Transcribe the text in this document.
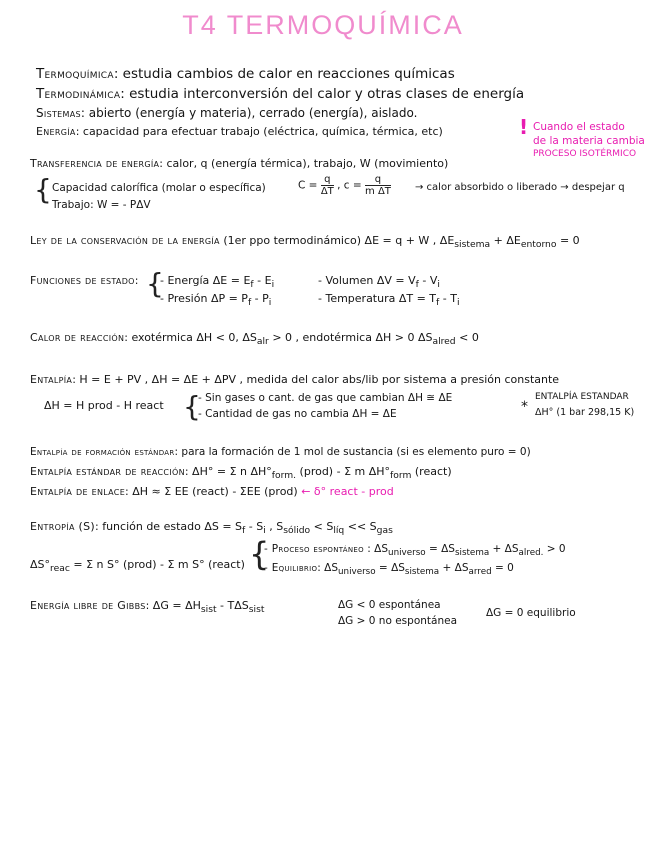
T4 TERMOQUÍMICA
Termoquímica: estudia cambios de calor en reacciones químicas
Termodinámica: estudia interconversión del calor y otras clases de energía
Sistemas: abierto (energía y materia), cerrado (energía), aislado.
Energía: capacidad para efectuar trabajo (eléctrica, química, térmica, etc)	! Cuando el estado
de la materia cambia
PROCESO ISOTÉRMICO
Transferencia de energía: calor, q (energía térmica), trabajo, W (movimiento)
{ Capacidad calorífica (molar o específica)	$C = \frac{q}{\Delta T}$ , $c = \frac{q}{\text{m ΔT}}$ → calor absorbido o liberado → despejar q
Trabajo: W = - PΔV
Ley de la conservación de la energía (1er ppo termodinámico) ΔE = q + W , $\Delta E_{sistema} + \Delta E_{entorno} = 0$
Funciones de estado: {
- Energía $\Delta E = E_f - E_i$
- Presión $\Delta P = P_f - P_i$
- Volumen $\Delta V = V_f - V_i$
- Temperatura $\Delta T = T_f - T_i$
Calor de reacción: exotérmica ΔH < 0, $\Delta S_{alr} > 0$ , endotérmica ΔH > 0 $\Delta S_{alred} < 0$
Entalpía: H = E + PV , ΔH = ΔE + ΔPV , medida del calor abs/lib por sistema a presión constante
ΔH = H prod - H react {
- Sin gases o cant. de gas que cambian ΔH ≅ ΔE
- Cantidad de gas no cambia ΔH = ΔE	*
ENTALPÍA ESTANDAR
ΔH° (1 bar 298,15 K)
Entalpía de formación estándar: para la formación de 1 mol de sustancia (si es elemento puro = 0)
Entalpía estándar de reacción: ΔH° = Σ n $\Delta H^\circ_{form.}$ (prod) - Σ m $\Delta H^\circ_{form}$ (react)
Entalpía de enlace: ΔH ≈ Σ EE (react) - ΣEE (prod) ← δ° react - prod
Entropía (S): función de estado $\Delta S = S_f - S_i$ , $S_{sólido} < S_{líq} << S_{gas}$
$\Delta S^\circ_{reac} = \Sigma$ n S° (prod) - Σ m S° (react) {
- Proceso espontáneo : $\Delta S_{universo} = \Delta S_{sistema} + \Delta S_{alred.} > 0$
- Equilibrio: $\Delta S_{universo} = \Delta S_{sistema} + \Delta S_{arred} = 0$
Energía libre de Gibbs: $\Delta G = \Delta H_{sist} - T\Delta S_{sist}$	ΔG < 0 espontánea
ΔG > 0 no espontánea
ΔG = 0 equilibrio
